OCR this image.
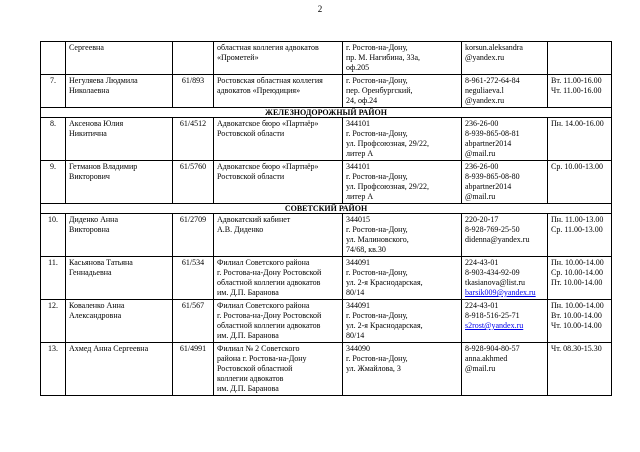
2

	Сергеевна		областная коллегия адвокатов
«Прометей»	г. Ростов-на-Дону,
пр. М. Нагибина, 33а,
оф.205	korsun.aleksandra
@yandex.ru	

7.	Негуляева Людмила
Николаевна	61/893	Ростовская областная коллегия
адвокатов «Преюдиция»	г. Ростов-на-Дону,
пер. Оренбургский,
24, оф.24	8-961-272-64-84
neguliaeva.l
@yandex.ru	Вт. 11.00-16.00
Чт. 11.00-16.00

ЖЕЛЕЗНОДОРОЖНЫЙ РАЙОН						
8.	Аксенова Юлия
Никитична	61/4512	Адвокатское бюро «Партнёр»
Ростовской области	344101
г. Ростов-на-Дону,
ул. Профсоюзная, 29/22,
литер А	236-26-00
8-939-865-08-81
abpartner2014
@mail.ru	Пн. 14.00-16.00

9.	Гетманов Владимир
Викторович	61/5760	Адвокатское бюро «Партнёр»
Ростовской области	344101
г. Ростов-на-Дону,
ул. Профсоюзная, 29/22,
литер А	236-26-00
8-939-865-08-80
abpartner2014
@mail.ru	Ср. 10.00-13.00

СОВЕТСКИЙ РАЙОН						
10.	Диденко Анна
Викторовна	61/2709	Адвокатский кабинет
А.В. Диденко	344015
г. Ростов-на-Дону,
ул. Малиновского,
74/68, кв.30	220-20-17
8-928-769-25-50
didenna@yandex.ru	Пн. 11.00-13.00
Ср. 11.00-13.00

11.	Касьянова Татьяна
Геннадьевна	61/534	Филиал Советского района
г. Ростова-на-Дону Ростовской
областной коллегии адвокатов
им. Д.П. Баранова	344091
г. Ростов-на-Дону,
ул. 2-я Краснодарская,
80/14	224-43-01
8-903-434-92-09
tkasianova@list.ru
barsik009@yandex.ru	Пн. 10.00-14.00
Ср. 10.00-14.00
Пт. 10.00-14.00

12.	Коваленко Анна
Александровна	61/567	Филиал Советского района
г. Ростова-на-Дону Ростовской
областной коллегии адвокатов
им. Д.П. Баранова	344091
г. Ростов-на-Дону,
ул. 2-я Краснодарская,
80/14	224-43-01
8-918-516-25-71
s2rost@yandex.ru	Пн. 10.00-14.00
Вт. 10.00-14.00
Чт. 10.00-14.00

13.	Ахмед Анна Сергеевна	61/4991	Филиал № 2 Советского
района г. Ростова-на-Дону
Ростовской областной
коллегии адвокатов
им. Д.П. Баранова	344090
г. Ростов-на-Дону,
ул. Жмайлова, 3	8-928-904-80-57
anna.akhmed
@mail.ru	Чт. 08.30-15.30
